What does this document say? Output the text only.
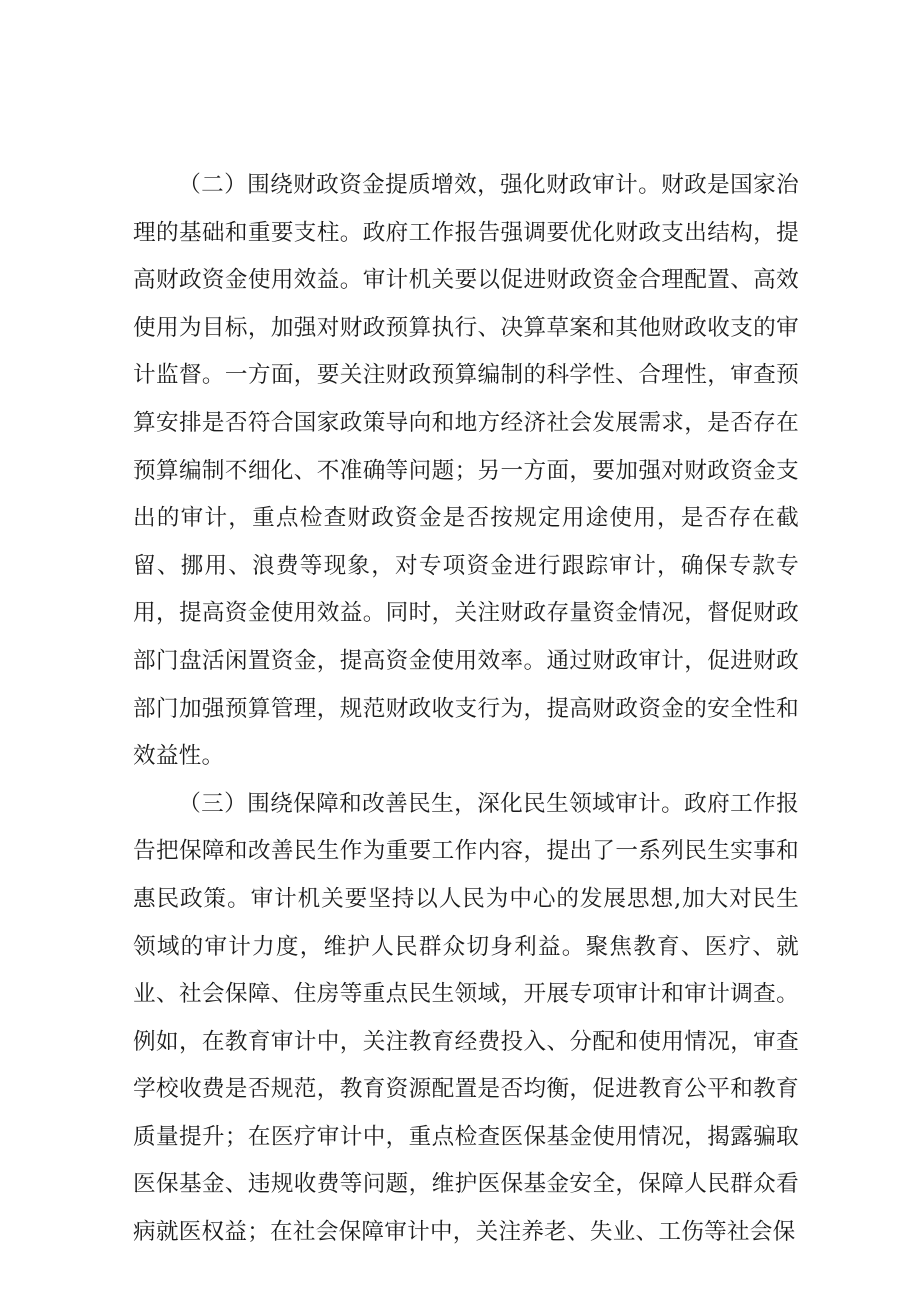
（二）围绕财政资金提质增效，强化财政审计。财政是国家治理的基础和重要支柱。政府工作报告强调要优化财政支出结构，提高财政资金使用效益。审计机关要以促进财政资金合理配置、高效使用为目标，加强对财政预算执行、决算草案和其他财政收支的审计监督。一方面，要关注财政预算编制的科学性、合理性，审查预算安排是否符合国家政策导向和地方经济社会发展需求，是否存在预算编制不细化、不准确等问题；另一方面，要加强对财政资金支出的审计，重点检查财政资金是否按规定用途使用，是否存在截留、挪用、浪费等现象，对专项资金进行跟踪审计，确保专款专用，提高资金使用效益。同时，关注财政存量资金情况，督促财政部门盘活闲置资金，提高资金使用效率。通过财政审计，促进财政部门加强预算管理，规范财政收支行为，提高财政资金的安全性和效益性。

（三）围绕保障和改善民生，深化民生领域审计。政府工作报告把保障和改善民生作为重要工作内容，提出了一系列民生实事和惠民政策。审计机关要坚持以人民为中心的发展思想,加大对民生领域的审计力度，维护人民群众切身利益。聚焦教育、医疗、就业、社会保障、住房等重点民生领域，开展专项审计和审计调查。例如，在教育审计中，关注教育经费投入、分配和使用情况，审查学校收费是否规范，教育资源配置是否均衡，促进教育公平和教育质量提升；在医疗审计中，重点检查医保基金使用情况，揭露骗取医保基金、违规收费等问题，维护医保基金安全，保障人民群众看病就医权益；在社会保障审计中，关注养老、失业、工伤等社会保
